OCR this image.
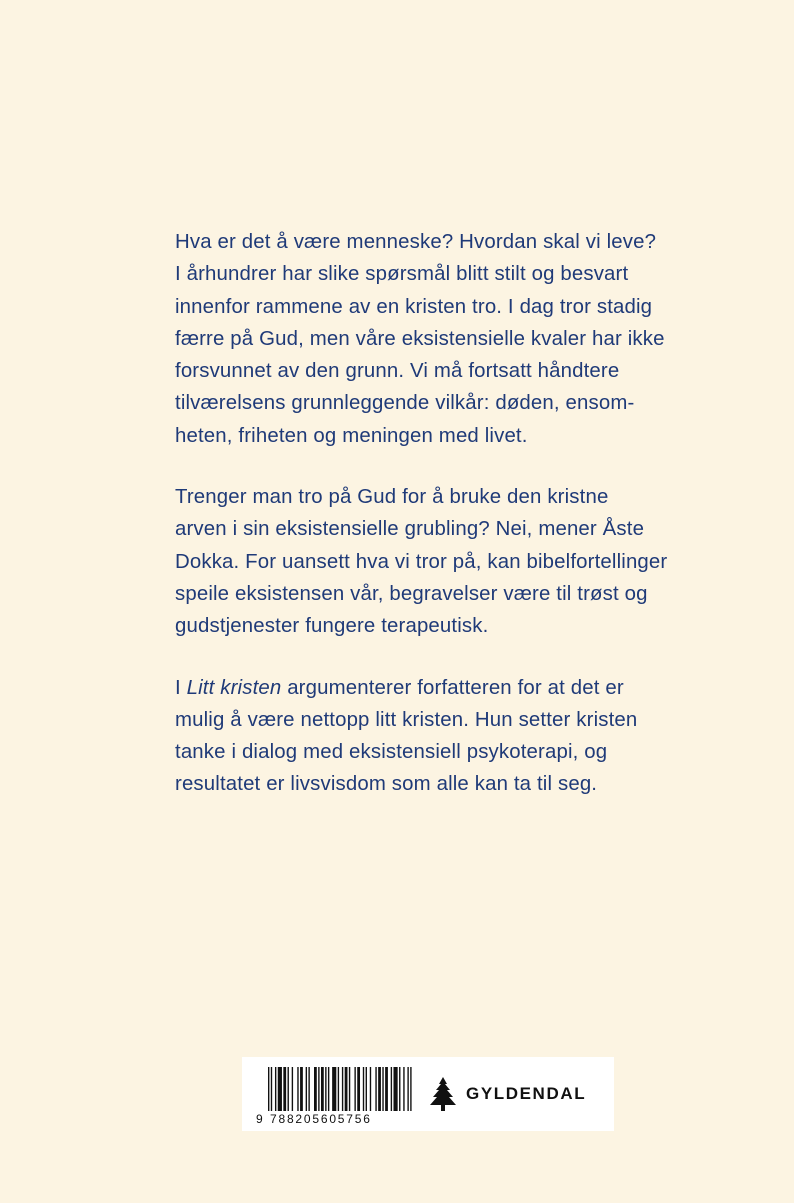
Hva er det å være menneske? Hvordan skal vi leve?
I århundrer har slike spørsmål blitt stilt og besvart
innenfor rammene av en kristen tro. I dag tror stadig
færre på Gud, men våre eksistensielle kvaler har ikke
forsvunnet av den grunn. Vi må fortsatt håndtere
tilværelsens grunnleggende vilkår: døden, ensom-
heten, friheten og meningen med livet.

Trenger man tro på Gud for å bruke den kristne
arven i sin eksistensielle grubling? Nei, mener Åste
Dokka. For uansett hva vi tror på, kan bibelfortellinger
speile eksistensen vår, begravelser være til trøst og
gudstjenester fungere terapeutisk.

I Litt kristen argumenterer forfatteren for at det er
mulig å være nettopp litt kristen. Hun setter kristen
tanke i dialog med eksistensiell psykoterapi, og
resultatet er livsvisdom som alle kan ta til seg.

9 788205605756
GYLDENDAL
